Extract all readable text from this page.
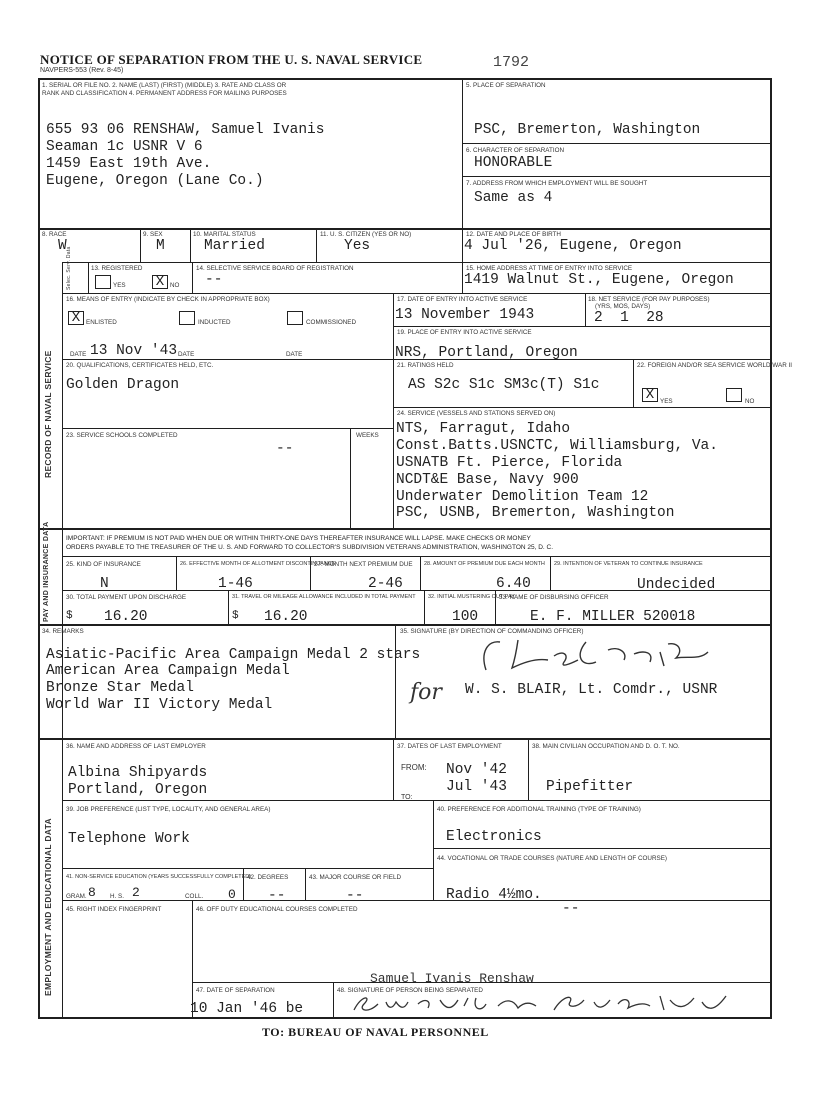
NOTICE OF SEPARATION FROM THE U. S. NAVAL SERVICE
NAVPERS-553 (Rev. 8-45)	1792
RECORD OF NAVAL SERVICE
PAY AND INSURANCE DATA
EMPLOYMENT AND EDUCATIONAL DATA
1. SERIAL OR FILE NO. 2. NAME (LAST) (FIRST) (MIDDLE) 3. RATE AND CLASS OR
RANK AND CLASSIFICATION 4. PERMANENT ADDRESS FOR MAILING PURPOSES
655 93 06 RENSHAW, Samuel Ivanis
Seaman 1c USNR V 6
1459 East 19th Ave.
Eugene, Oregon (Lane Co.)
5. PLACE OF SEPARATION
PSC, Bremerton, Washington
6. CHARACTER OF SEPARATION
HONORABLE
7. ADDRESS FROM WHICH EMPLOYMENT WILL BE SOUGHT
Same as 4
8. RACE
W
9. SEX
M
10. MARITAL STATUS
Married
11. U. S. CITIZEN (YES OR NO)
Yes
12. DATE AND PLACE OF BIRTH
4 Jul '26, Eugene, Oregon
Selec. Serv. Data	13. REGISTERED
YES X NO
14. SELECTIVE SERVICE BOARD OF REGISTRATION
--
15. HOME ADDRESS AT TIME OF ENTRY INTO SERVICE
1419 Walnut St., Eugene, Oregon
16. MEANS OF ENTRY (INDICATE BY CHECK IN APPROPRIATE BOX)
X ENLISTED	INDUCTED	COMMISSIONED
DATE 13 Nov '43 DATE	DATE
17. DATE OF ENTRY INTO ACTIVE SERVICE
13 November 1943
18. NET SERVICE (FOR PAY PURPOSES)
(YRS, MOS, DAYS)
2  1  28
19. PLACE OF ENTRY INTO ACTIVE SERVICE
NRS, Portland, Oregon
20. QUALIFICATIONS, CERTIFICATES HELD, ETC.
Golden Dragon
21. RATINGS HELD
AS S2c S1c SM3c(T) S1c
22. FOREIGN AND/OR SEA SERVICE WORLD WAR II
X YES	NO
23. SERVICE SCHOOLS COMPLETED	WEEKS
--
24. SERVICE (VESSELS AND STATIONS SERVED ON)
NTS, Farragut, Idaho
Const.Batts.USNCTC, Williamsburg, Va.
USNATB Ft. Pierce, Florida
NCDT&E Base, Navy 900
Underwater Demolition Team 12
PSC, USNB, Bremerton, Washington
IMPORTANT: IF PREMIUM IS NOT PAID WHEN DUE OR WITHIN THIRTY-ONE DAYS THEREAFTER INSURANCE WILL LAPSE. MAKE CHECKS OR MONEY
ORDERS PAYABLE TO THE TREASURER OF THE U. S. AND FORWARD TO COLLECTOR'S SUBDIVISION VETERANS ADMINISTRATION, WASHINGTON 25, D. C.
25. KIND OF INSURANCE
N
26. EFFECTIVE MONTH OF ALLOTMENT DISCONTINUANCE
1-46
27. MONTH NEXT PREMIUM DUE
2-46
28. AMOUNT OF PREMIUM DUE EACH MONTH
6.40
29. INTENTION OF VETERAN TO CONTINUE INSURANCE
Undecided
30. TOTAL PAYMENT UPON DISCHARGE
$ 16.20
31. TRAVEL OR MILEAGE ALLOWANCE INCLUDED IN TOTAL PAYMENT
$ 16.20
32. INITIAL MUSTERING OUT PAY
100
33. NAME OF DISBURSING OFFICER
E. F. MILLER 520018
34. REMARKS
Asiatic-Pacific Area Campaign Medal 2 stars
American Area Campaign Medal
Bronze Star Medal
World War II Victory Medal
35. SIGNATURE (BY DIRECTION OF COMMANDING OFFICER)
for W. S. BLAIR, Lt. Comdr., USNR
36. NAME AND ADDRESS OF LAST EMPLOYER
Albina Shipyards
Portland, Oregon
37. DATES OF LAST EMPLOYMENT
FROM: Nov '42
Jul '43
TO:
38. MAIN CIVILIAN OCCUPATION AND D. O. T. NO.
Pipefitter
39. JOB PREFERENCE (LIST TYPE, LOCALITY, AND GENERAL AREA)
Telephone Work
40. PREFERENCE FOR ADDITIONAL TRAINING (TYPE OF TRAINING)
Electronics
44. VOCATIONAL OR TRADE COURSES (NATURE AND LENGTH OF COURSE)
Radio 4½mo.
--
41. NON-SERVICE EDUCATION (YEARS SUCCESSFULLY COMPLETED)
GRAM. 8 H. S. 2	COLL. 0
42. DEGREES
--
43. MAJOR COURSE OR FIELD
--
45. RIGHT INDEX FINGERPRINT	46. OFF DUTY EDUCATIONAL COURSES COMPLETED
Samuel Ivanis Renshaw
47. DATE OF SEPARATION
10 Jan '46 be
48. SIGNATURE OF PERSON BEING SEPARATED
TO: BUREAU OF NAVAL PERSONNEL
